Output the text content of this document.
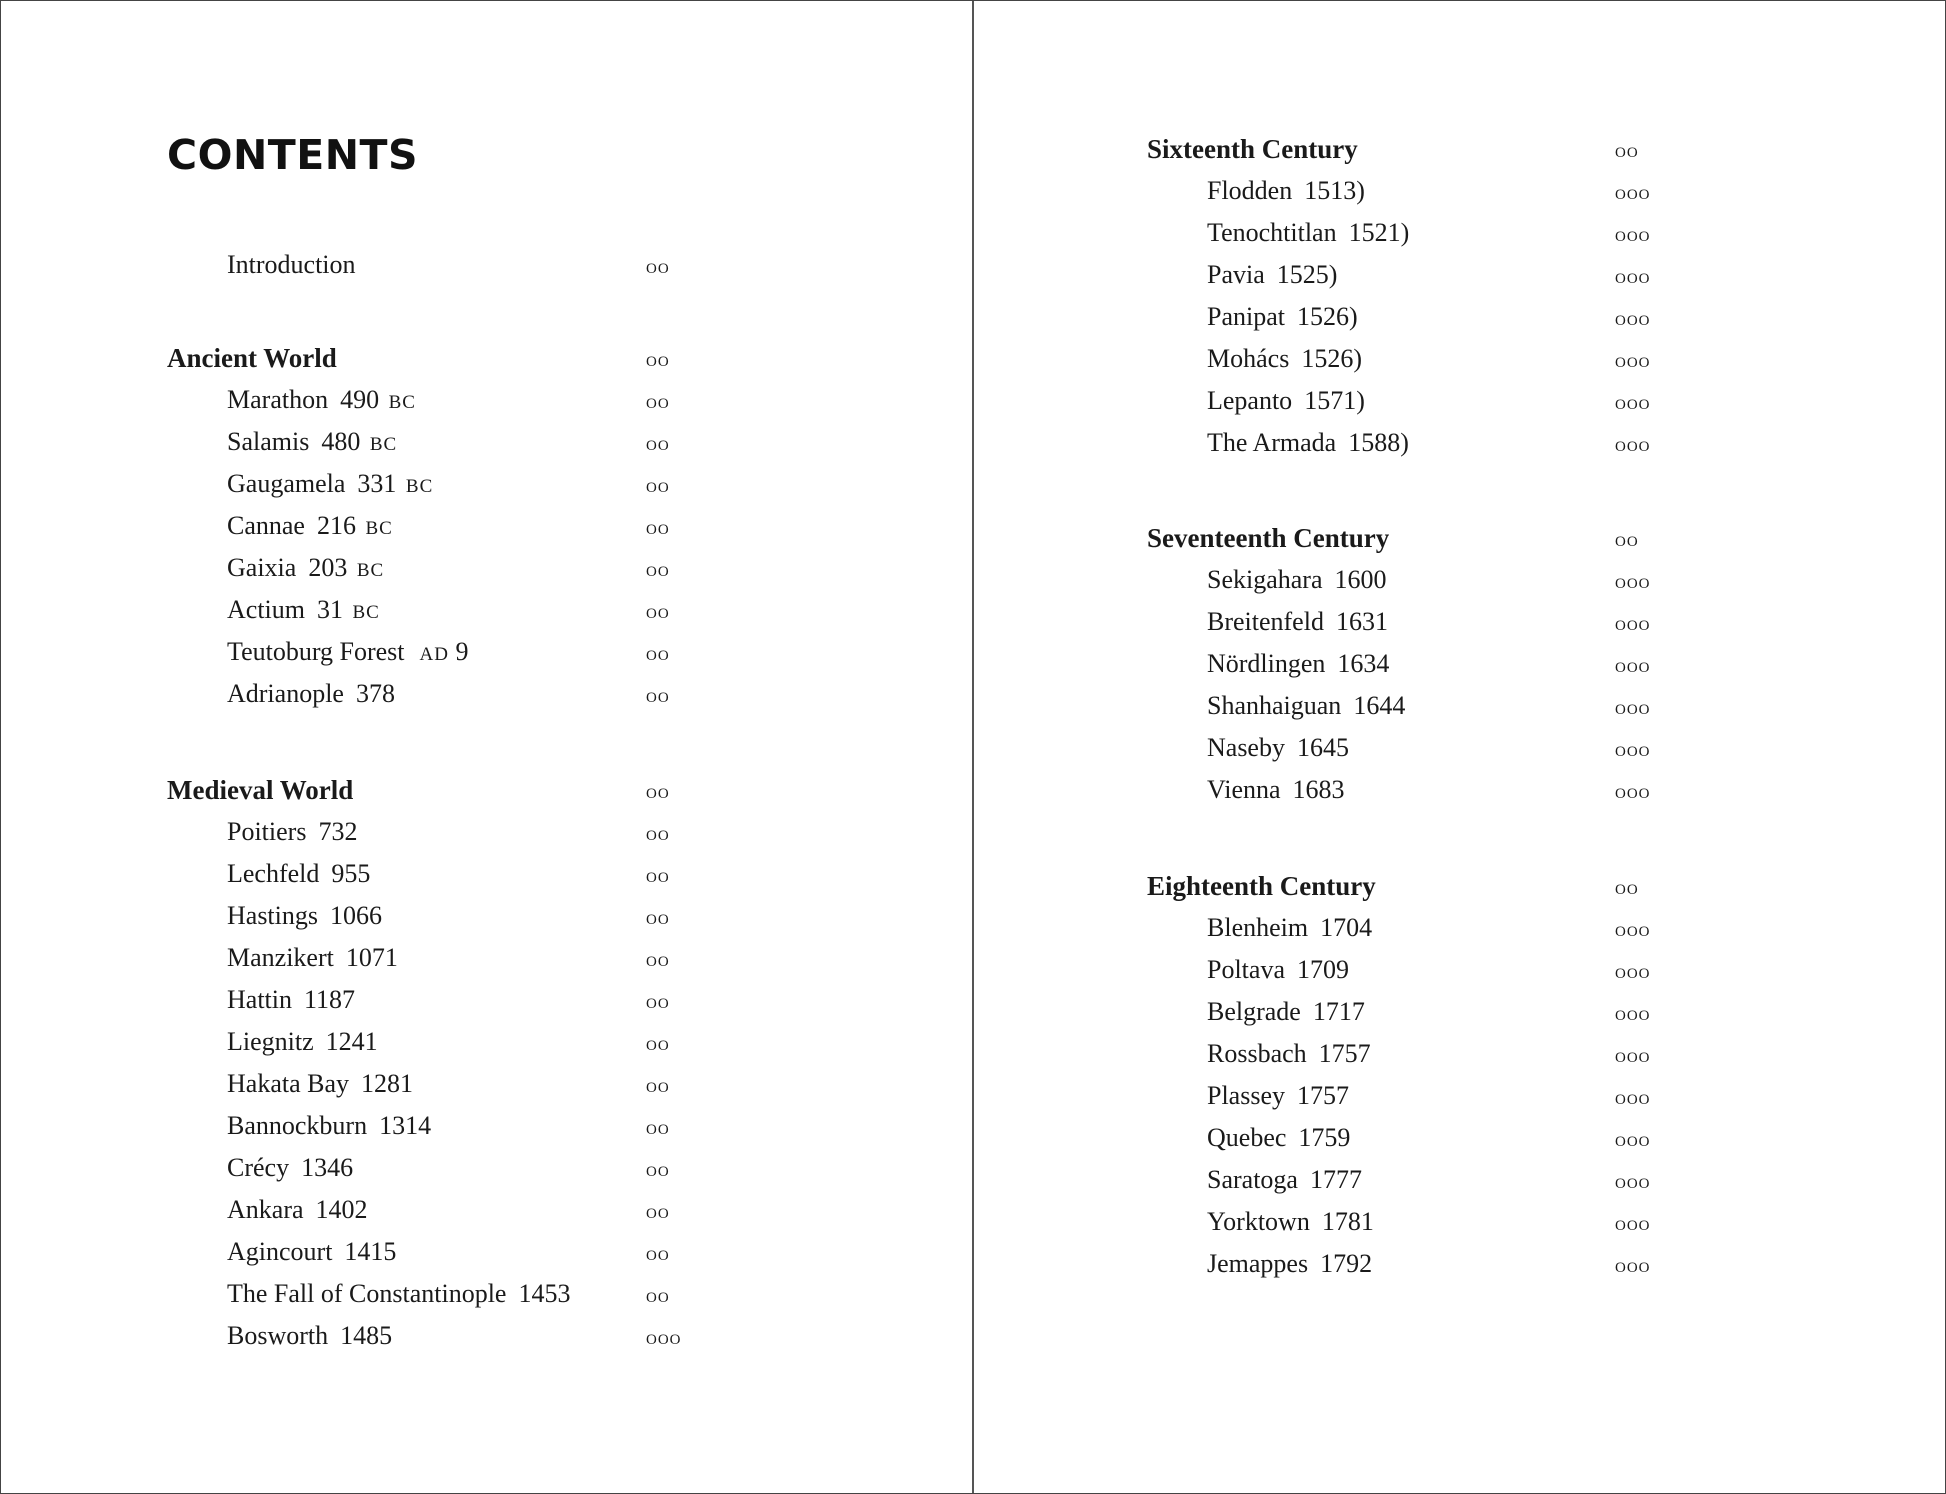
CONTENTS
Introduction	oo
Ancient World	oo
Marathon 490 BC	oo
Salamis 480 BC	oo
Gaugamela 331 BC	oo
Cannae 216 BC	oo
Gaixia 203 BC	oo
Actium 31 BC	oo
Teutoburg Forest AD 9	oo
Adrianople 378	oo
Medieval World	oo
Poitiers 732	oo
Lechfeld 955	oo
Hastings 1066	oo
Manzikert 1071	oo
Hattin 1187	oo
Liegnitz 1241	oo
Hakata Bay 1281	oo
Bannockburn 1314	oo
Crécy 1346	oo
Ankara 1402	oo
Agincourt 1415	oo
The Fall of Constantinople 1453	oo
Bosworth 1485	ooo
Sixteenth Century	oo
Flodden 1513)	ooo
Tenochtitlan 1521)	ooo
Pavia 1525)	ooo
Panipat 1526)	ooo
Mohács 1526)	ooo
Lepanto 1571)	ooo
The Armada 1588)	ooo
Seventeenth Century	oo
Sekigahara 1600	ooo
Breitenfeld 1631	ooo
Nördlingen 1634	ooo
Shanhaiguan 1644	ooo
Naseby 1645	ooo
Vienna 1683	ooo
Eighteenth Century	oo
Blenheim 1704	ooo
Poltava 1709	ooo
Belgrade 1717	ooo
Rossbach 1757	ooo
Plassey 1757	ooo
Quebec 1759	ooo
Saratoga 1777	ooo
Yorktown 1781	ooo
Jemappes 1792	ooo
